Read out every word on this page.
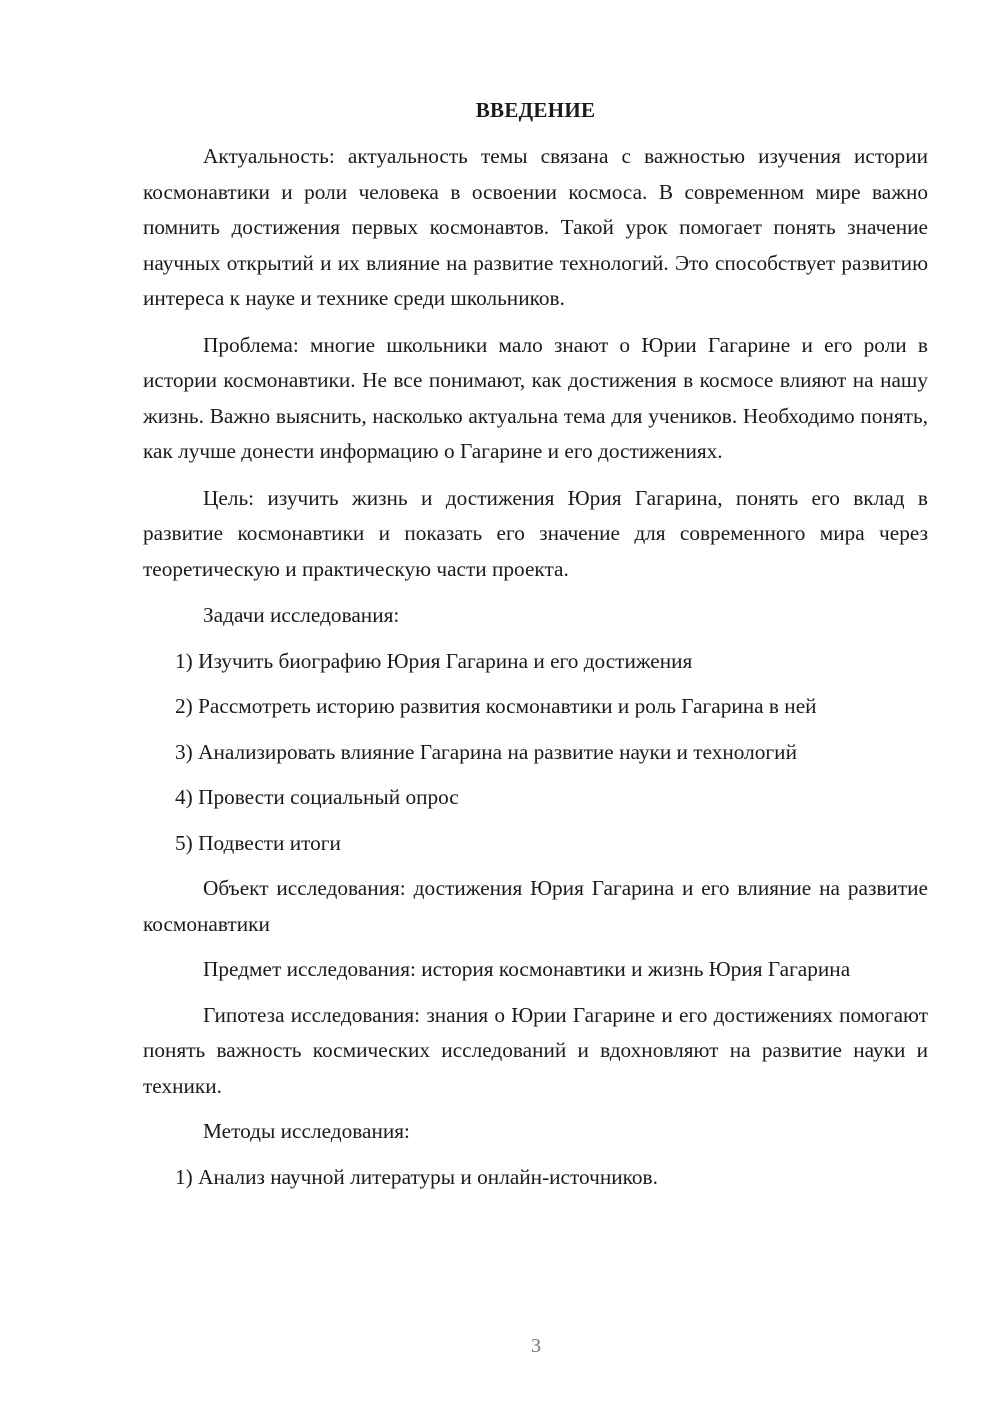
ВВЕДЕНИЕ

Актуальность: актуальность темы связана с важностью изучения истории космонавтики и роли человека в освоении космоса. В современном мире важно помнить достижения первых космонавтов. Такой урок помогает понять значение научных открытий и их влияние на развитие технологий. Это способствует развитию интереса к науке и технике среди школьников.

Проблема: многие школьники мало знают о Юрии Гагарине и его роли в истории космонавтики. Не все понимают, как достижения в космосе влияют на нашу жизнь. Важно выяснить, насколько актуальна тема для учеников. Необходимо понять, как лучше донести информацию о Гагарине и его достижениях.

Цель: изучить жизнь и достижения Юрия Гагарина, понять его вклад в развитие космонавтики и показать его значение для современного мира через теоретическую и практическую части проекта.

Задачи исследования:

1) Изучить биографию Юрия Гагарина и его достижения
2) Рассмотреть историю развития космонавтики и роль Гагарина в ней
3) Анализировать влияние Гагарина на развитие науки и технологий
4) Провести социальный опрос
5) Подвести итоги

Объект исследования: достижения Юрия Гагарина и его влияние на развитие космонавтики

Предмет исследования: история космонавтики и жизнь Юрия Гагарина

Гипотеза исследования: знания о Юрии Гагарине и его достижениях помогают понять важность космических исследований и вдохновляют на развитие науки и техники.

Методы исследования:

1) Анализ научной литературы и онлайн-источников.
3
